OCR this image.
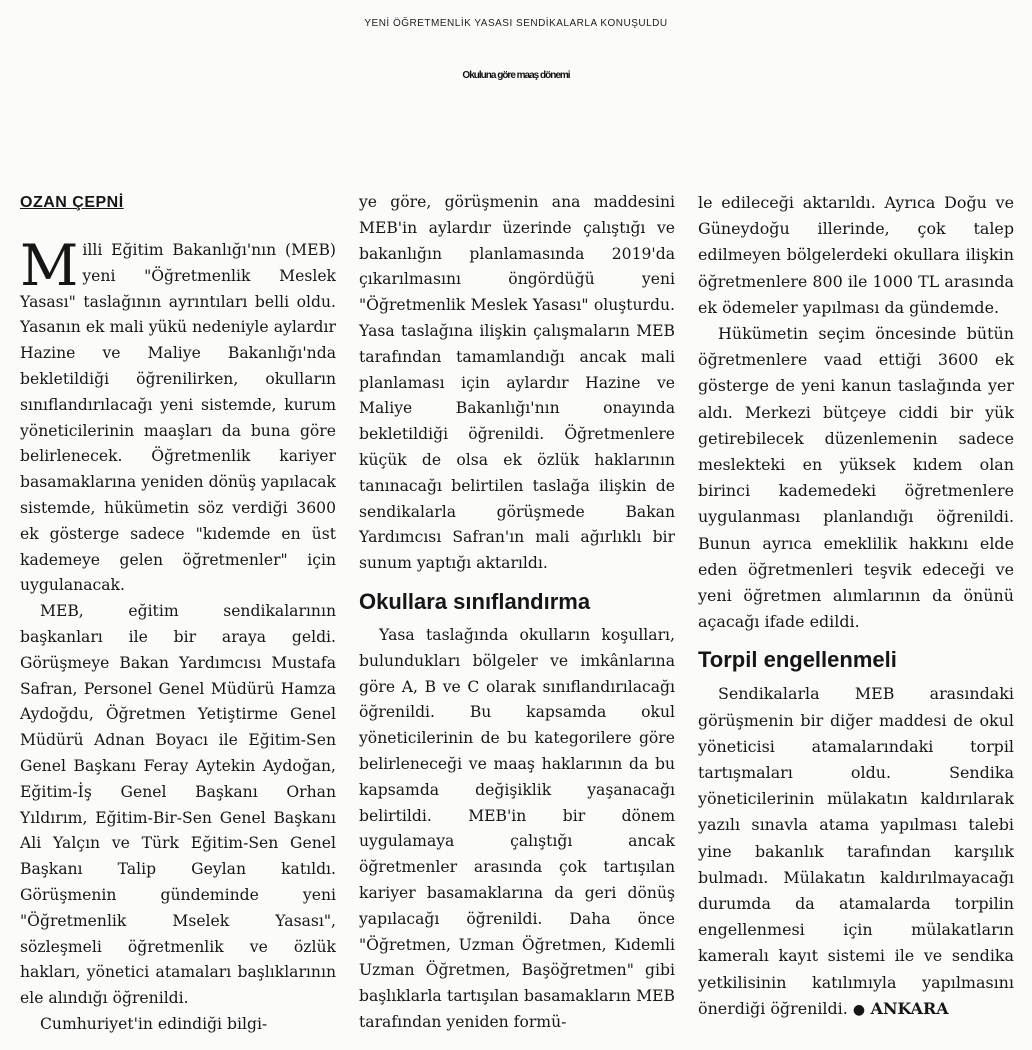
YENİ ÖĞRETMENLİK YASASI SENDİKALARLA KONUŞULDU
Okuluna göre maaş dönemi
OZAN ÇEPNİ

Milli Eğitim Bakanlığı'nın (MEB) yeni "Öğretmenlik Meslek Yasası" taslağının ayrıntıları belli oldu. Yasanın ek mali yükü nedeniyle aylardır Hazine ve Maliye Bakanlığı'nda bekletildiği öğrenilirken, okulların sınıflandırılacağı yeni sistemde, kurum yöneticilerinin maaşları da buna göre belirlenecek. Öğretmenlik kariyer basamaklarına yeniden dönüş yapılacak sistemde, hükümetin söz verdiği 3600 ek gösterge sadece "kıdemde en üst kademeye gelen öğretmenler" için uygulanacak.

MEB, eğitim sendikalarının başkanları ile bir araya geldi. Görüşmeye Bakan Yardımcısı Mustafa Safran, Personel Genel Müdürü Hamza Aydoğdu, Öğretmen Yetiştirme Genel Müdürü Adnan Boyacı ile Eğitim-Sen Genel Başkanı Feray Aytekin Aydoğan, Eğitim-İş Genel Başkanı Orhan Yıldırım, Eğitim-Bir-Sen Genel Başkanı Ali Yalçın ve Türk Eğitim-Sen Genel Başkanı Talip Geylan katıldı. Görüşmenin gündeminde yeni "Öğretmenlik Mselek Yasası", sözleşmeli öğretmenlik ve özlük hakları, yönetici atamaları başlıklarının ele alındığı öğrenildi.

Cumhuriyet'in edindiği bilgi-

ye göre, görüşmenin ana maddesini MEB'in aylardır üzerinde çalıştığı ve bakanlığın planlamasında 2019'da çıkarılmasını öngördüğü yeni "Öğretmenlik Meslek Yasası" oluşturdu. Yasa taslağına ilişkin çalışmaların MEB tarafından tamamlandığı ancak mali planlaması için aylardır Hazine ve Maliye Bakanlığı'nın onayında bekletildiği öğrenildi. Öğretmenlere küçük de olsa ek özlük haklarının tanınacağı belirtilen taslağa ilişkin de sendikalarla görüşmede Bakan Yardımcısı Safran'ın mali ağırlıklı bir sunum yaptığı aktarıldı.

Okullara sınıflandırma

Yasa taslağında okulların koşulları, bulundukları bölgeler ve imkânlarına göre A, B ve C olarak sınıflandırılacağı öğrenildi. Bu kapsamda okul yöneticilerinin de bu kategorilere göre belirleneceği ve maaş haklarının da bu kapsamda değişiklik yaşanacağı belirtildi. MEB'in bir dönem uygulamaya çalıştığı ancak öğretmenler arasında çok tartışılan kariyer basamaklarına da geri dönüş yapılacağı öğrenildi. Daha önce "Öğretmen, Uzman Öğretmen, Kıdemli Uzman Öğretmen, Başöğretmen" gibi başlıklarla tartışılan basamakların MEB tarafından yeniden formü-

le edileceği aktarıldı. Ayrıca Doğu ve Güneydoğu illerinde, çok talep edilmeyen bölgelerdeki okullara ilişkin öğretmenlere 800 ile 1000 TL arasında ek ödemeler yapılması da gündemde.

Hükümetin seçim öncesinde bütün öğretmenlere vaad ettiği 3600 ek gösterge de yeni kanun taslağında yer aldı. Merkezi bütçeye ciddi bir yük getirebilecek düzenlemenin sadece meslekteki en yüksek kıdem olan birinci kademedeki öğretmenlere uygulanması planlandığı öğrenildi. Bunun ayrıca emeklilik hakkını elde eden öğretmenleri teşvik edeceği ve yeni öğretmen alımlarının da önünü açacağı ifade edildi.

Torpil engellenmeli

Sendikalarla MEB arasındaki görüşmenin bir diğer maddesi de okul yöneticisi atamalarındaki torpil tartışmaları oldu. Sendika yöneticilerinin mülakatın kaldırılarak yazılı sınavla atama yapılması talebi yine bakanlık tarafından karşılık bulmadı. Mülakatın kaldırılmayacağı durumda da atamalarda torpilin engellenmesi için mülakatların kameralı kayıt sistemi ile ve sendika yetkilisinin katılımıyla yapılmasını önerdiği öğrenildi. ● ANKARA
